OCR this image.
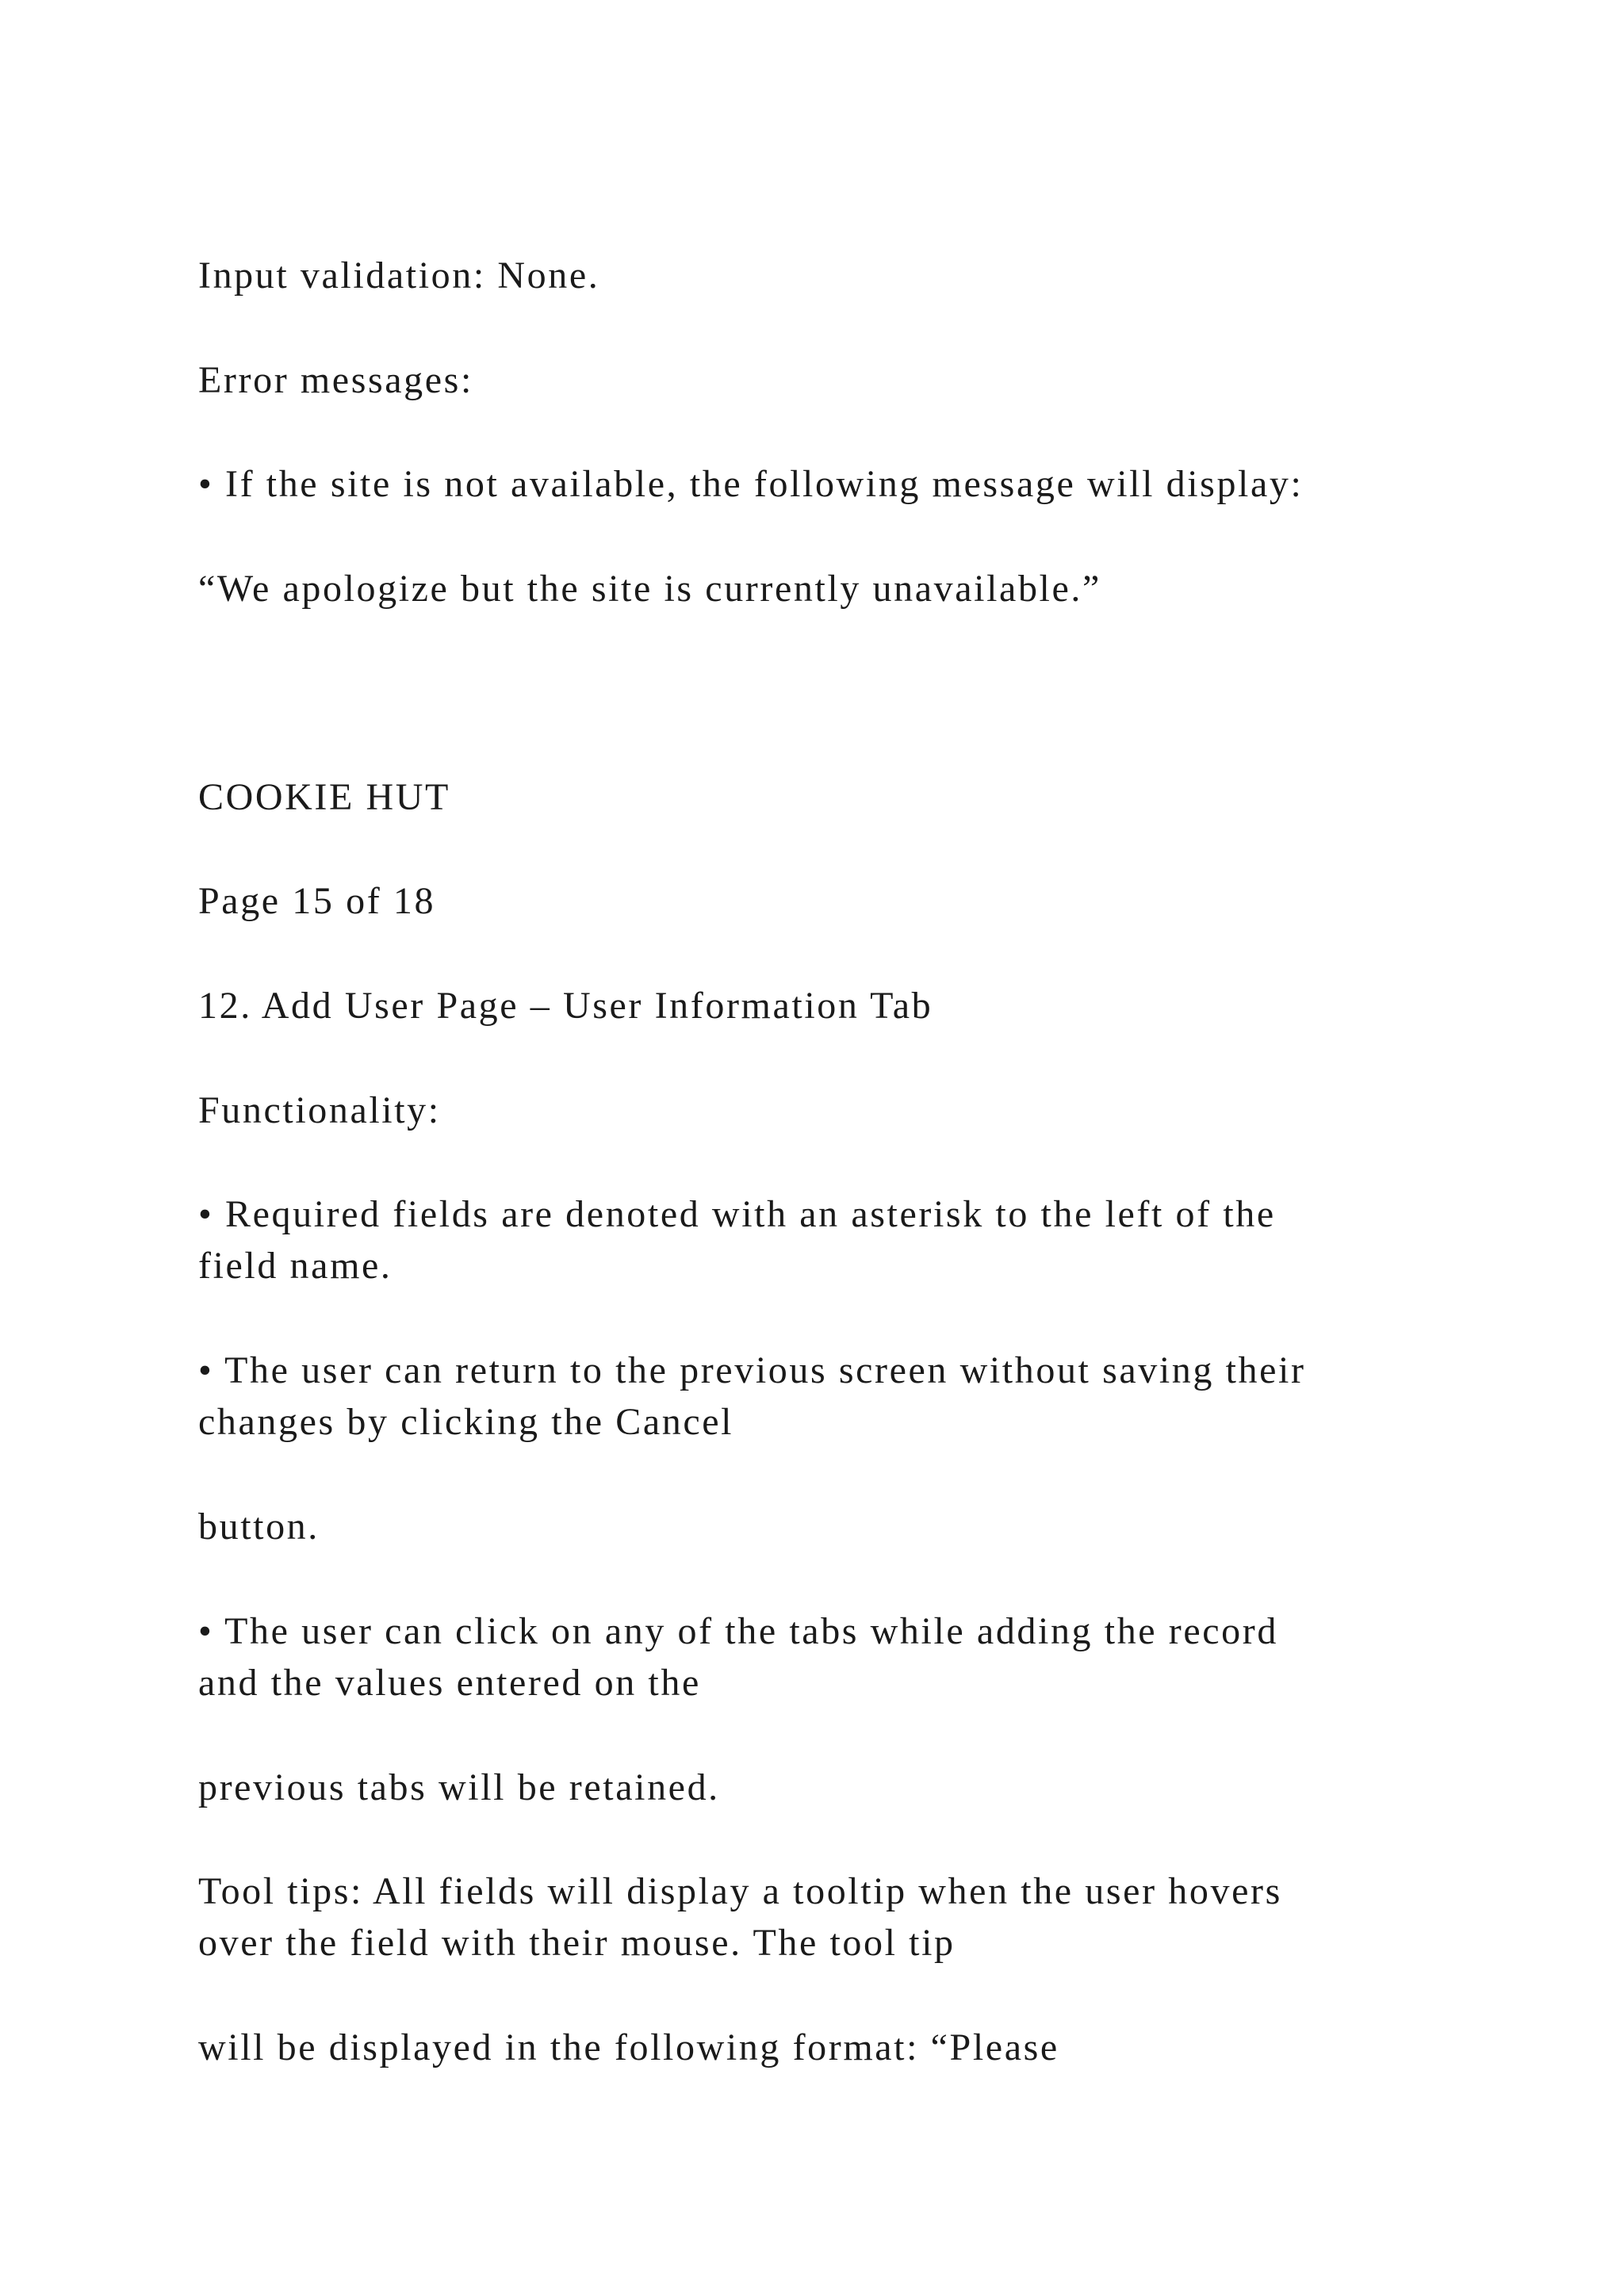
Input validation: None.

Error messages:

• If the site is not available, the following message will display:

“We apologize but the site is currently unavailable.”

COOKIE HUT

Page 15 of 18

12. Add User Page – User Information Tab

Functionality:

• Required fields are denoted with an asterisk to the left of the

field name.

• The user can return to the previous screen without saving their

changes by clicking the Cancel

button.

• The user can click on any of the tabs while adding the record

and the values entered on the

previous tabs will be retained.

Tool tips: All fields will display a tooltip when the user hovers

over the field with their mouse. The tool tip

will be displayed in the following format: “Please
